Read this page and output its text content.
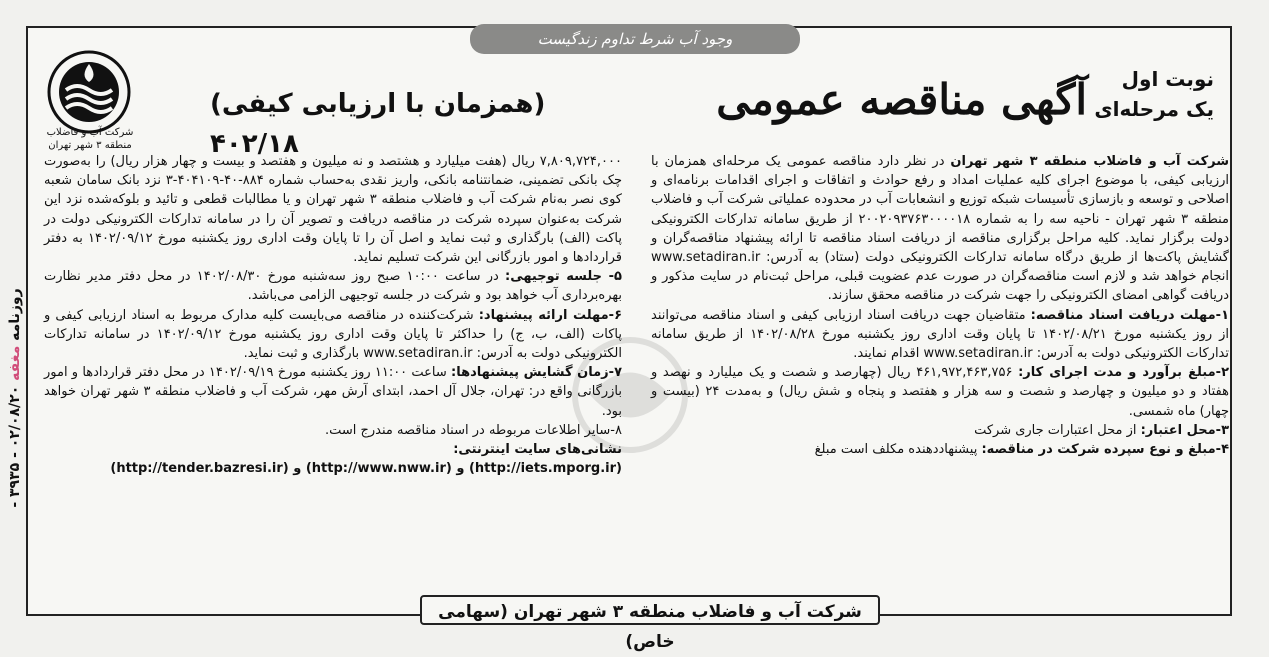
وجود آب شرط تداوم زندگیست
نوبت اول
یک مرحله‌ای
آگهی مناقصه عمومی
(همزمان با ارزیابی کیفی) ۴۰۲/۱۸
شرکت آب و فاضلاب
منطقه ۳ شهر تهران

شرکت آب و فاضلاب منطقه ۳ شهر تهران در نظر دارد مناقصه عمومی یک مرحله‌ای همزمان با ارزیابی کیفی، با موضوع اجرای کلیه عملیات امداد و رفع حوادث و اتفاقات و اجرای اقدامات برنامه‌ای و اصلاحی و توسعه و بازسازی تأسیسات شبکه توزیع و انشعابات آب در محدوده عملیاتی شرکت آب و فاضلاب منطقه ۳ شهر تهران - ناحیه سه را به شماره ۲۰۰۲۰۹۳۷۶۳۰۰۰۰۱۸ از طریق سامانه تدارکات الکترونیکی دولت برگزار نماید. کلیه مراحل برگزاری مناقصه از دریافت اسناد مناقصه تا ارائه پیشنهاد مناقصه‌گران و گشایش پاکت‌ها از طریق درگاه سامانه تدارکات الکترونیکی دولت (ستاد) به آدرس: www.setadiran.ir انجام خواهد شد و لازم است مناقصه‌گران در صورت عدم عضویت قبلی، مراحل ثبت‌نام در سایت مذکور و دریافت گواهی امضای الکترونیکی را جهت شرکت در مناقصه محقق سازند.

۱-مهلت دریافت اسناد مناقصه: متقاضیان جهت دریافت اسناد ارزیابی کیفی و اسناد مناقصه می‌توانند از روز یکشنبه مورخ ۱۴۰۲/۰۸/۲۱ تا پایان وقت اداری روز یکشنبه مورخ ۱۴۰۲/۰۸/۲۸ از طریق سامانه تدارکات الکترونیکی دولت به آدرس: www.setadiran.ir اقدام نمایند.

۲-مبلغ برآورد و مدت اجرای کار: ۴۶۱,۹۷۲,۴۶۳,۷۵۶ ریال (چهارصد و شصت و یک میلیارد و نهصد و هفتاد و دو میلیون و چهارصد و شصت و سه هزار و هفتصد و پنجاه و شش ریال) و به‌مدت ۲۴ (بیست و چهار) ماه شمسی.

۳-محل اعتبار: از محل اعتبارات جاری شرکت

۴-مبلغ و نوع سپرده شرکت در مناقصه: پیشنهاددهنده مکلف است مبلغ

۷,۸۰۹,۷۲۴,۰۰۰ ریال (هفت میلیارد و هشتصد و نه میلیون و هفتصد و بیست و چهار هزار ریال) را به‌صورت چک بانکی تضمینی، ضمانتنامه بانکی، واریز نقدی به‌حساب شماره ۸۸۴-۴۰-۴۰۴۱۰۹-۳ نزد بانک سامان شعبه کوی نصر به‌نام شرکت آب و فاضلاب منطقه ۳ شهر تهران و یا مطالبات قطعی و تائید و بلوکه‌شده نزد این شرکت به‌عنوان سپرده شرکت در مناقصه دریافت و تصویر آن را در سامانه تدارکات الکترونیکی دولت در پاکت (الف) بارگذاری و ثبت نماید و اصل آن را تا پایان وقت اداری روز یکشنبه مورخ ۱۴۰۲/۰۹/۱۲ به دفتر قراردادها و امور بازرگانی این شرکت تسلیم نماید.

۵- جلسه توجیهی: در ساعت ۱۰:۰۰ صبح روز سه‌شنبه مورخ ۱۴۰۲/۰۸/۳۰ در محل دفتر مدیر نظارت بهره‌برداری آب خواهد بود و شرکت در جلسه توجیهی الزامی می‌باشد.

۶-مهلت ارائه پیشنهاد: شرکت‌کننده در مناقصه می‌بایست کلیه مدارک مربوط به اسناد ارزیابی کیفی و پاکات (الف، ب، ج) را حداکثر تا پایان وقت اداری روز یکشنبه مورخ ۱۴۰۲/۰۹/۱۲ در سامانه تدارکات الکترونیکی دولت به آدرس: www.setadiran.ir بارگذاری و ثبت نماید.

۷-زمان گشایش پیشنهادها: ساعت ۱۱:۰۰ روز یکشنبه مورخ ۱۴۰۲/۰۹/۱۹ در محل دفتر قراردادها و امور بازرگانی واقع در: تهران، جلال آل احمد، ابتدای آرش مهر، شرکت آب و فاضلاب منطقه ۳ شهر تهران خواهد بود.

۸-سایر اطلاعات مربوطه در اسناد مناقصه مندرج است.

نشانی‌های سایت اینترنتی:

(http://iets.mporg.ir) و (http://www.nww.ir) و (http://tender.bazresi.ir)

شرکت آب و فاضلاب منطقه ۳ شهر تهران (سهامی خاص)
روزنامه مغفه ۰۲/۰۸/۲۰ - ۳۹۳۵ -
